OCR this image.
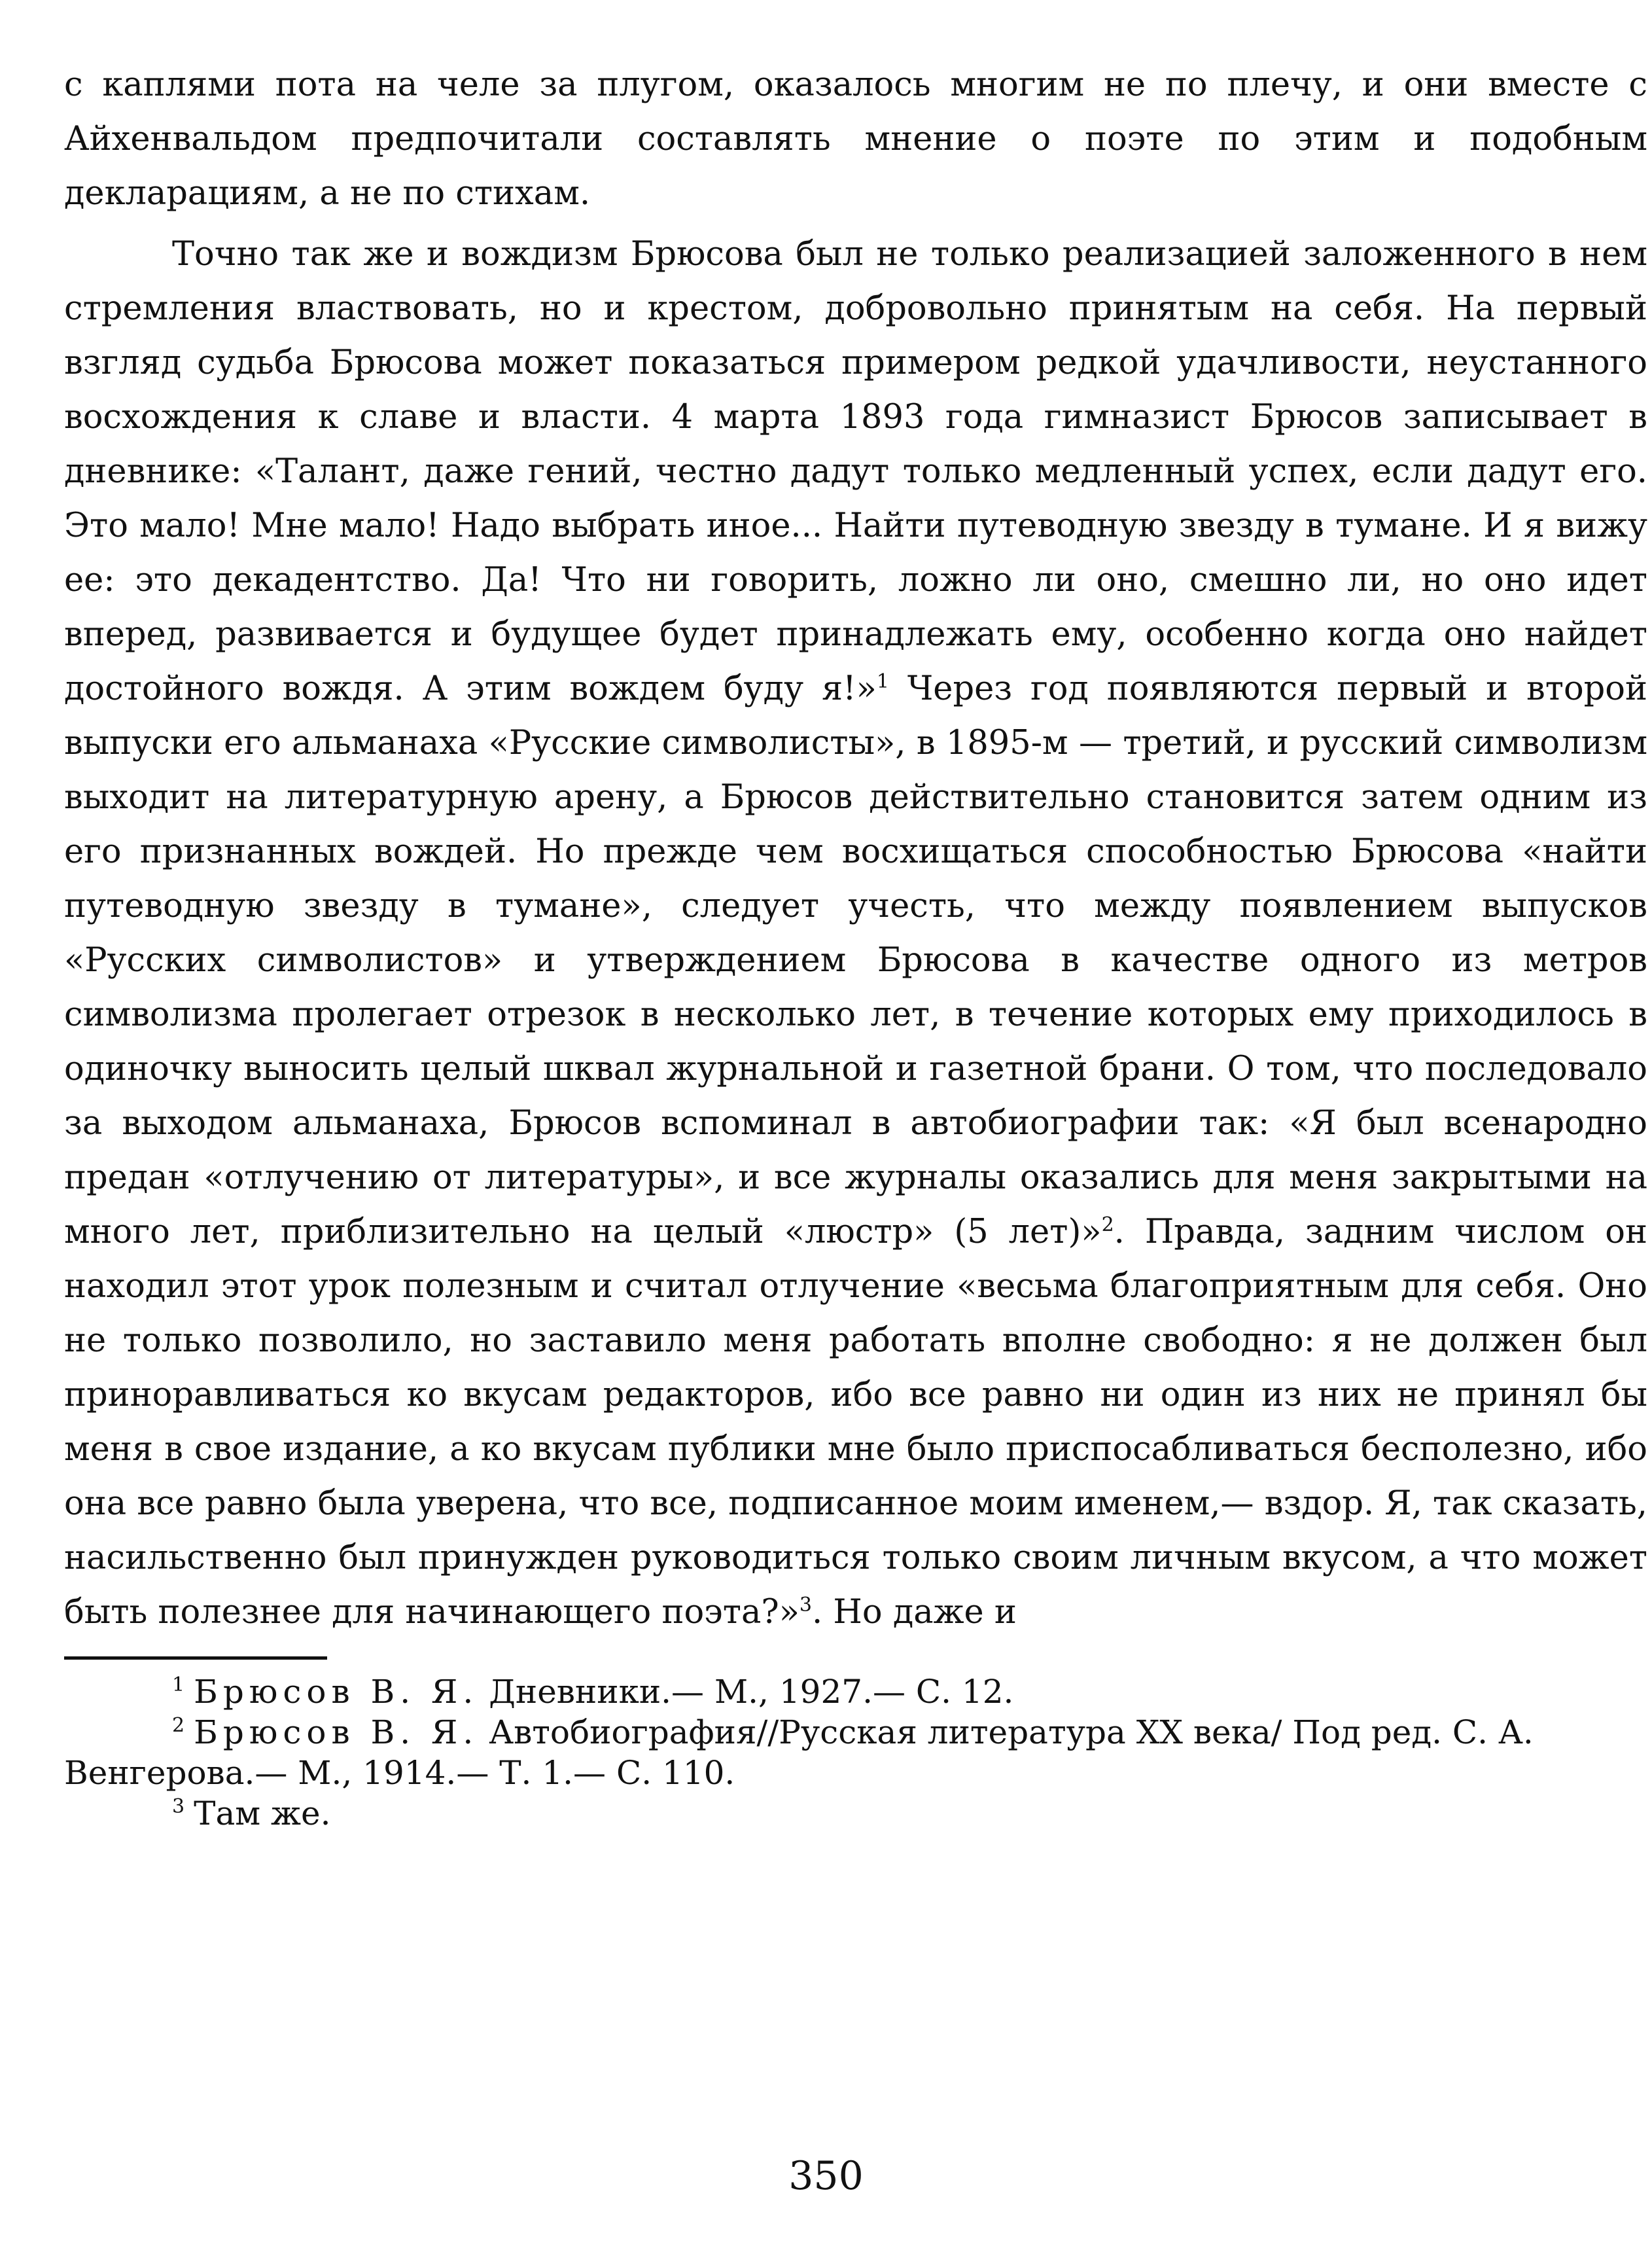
с каплями пота на челе за плугом, оказалось многим не по плечу, и они вместе с Айхенвальдом предпочитали составлять мнение о поэте по этим и подобным декларациям, а не по стихам.

Точно так же и вождизм Брюсова был не только реализацией заложенного в нем стремления властвовать, но и крестом, добровольно принятым на себя. На первый взгляд судьба Брюсова может показаться примером редкой удачливости, неустанного восхождения к славе и власти. 4 марта 1893 года гимназист Брюсов записывает в дневнике: «Талант, даже гений, честно дадут только медленный успех, если дадут его. Это мало! Мне мало! Надо выбрать иное... Найти путеводную звезду в тумане. И я вижу ее: это декадентство. Да! Что ни говорить, ложно ли оно, смешно ли, но оно идет вперед, развивается и будущее будет принадлежать ему, особенно когда оно найдет достойного вождя. А этим вождем буду я!»$^1$ Через год появляются первый и второй выпуски его альманаха «Русские символисты», в 1895-м — третий, и русский символизм выходит на литературную арену, а Брюсов действительно становится затем одним из его признанных вождей. Но прежде чем восхищаться способностью Брюсова «найти путеводную звезду в тумане», следует учесть, что между появлением выпусков «Русских символистов» и утверждением Брюсова в качестве одного из метров символизма пролегает отрезок в несколько лет, в течение которых ему приходилось в одиночку выносить целый шквал журнальной и газетной брани. О том, что последовало за выходом альманаха, Брюсов вспоминал в автобиографии так: «Я был всенародно предан «отлучению от литературы», и все журналы оказались для меня закрытыми на много лет, приблизительно на целый «люстр» (5 лет)»$^2$. Правда, задним числом он находил этот урок полезным и считал отлучение «весьма благоприятным для себя. Оно не только позволило, но заставило меня работать вполне свободно: я не должен был приноравливаться ко вкусам редакторов, ибо все равно ни один из них не принял бы меня в свое издание, а ко вкусам публики мне было приспосабливаться бесполезно, ибо она все равно была уверена, что все, подписанное моим именем,— вздор. Я, так сказать, насильственно был принужден руководиться только своим личным вкусом, а что может быть полезнее для начинающего поэта?»$^3$. Но даже и

$^1$ Брюсов В. Я. Дневники.— М., 1927.— С. 12.

$^2$ Брюсов В. Я. Автобиография//Русская литература XX века/ Под ред. С. А. Венгерова.— М., 1914.— Т. 1.— С. 110.

$^3$ Там же.

350
